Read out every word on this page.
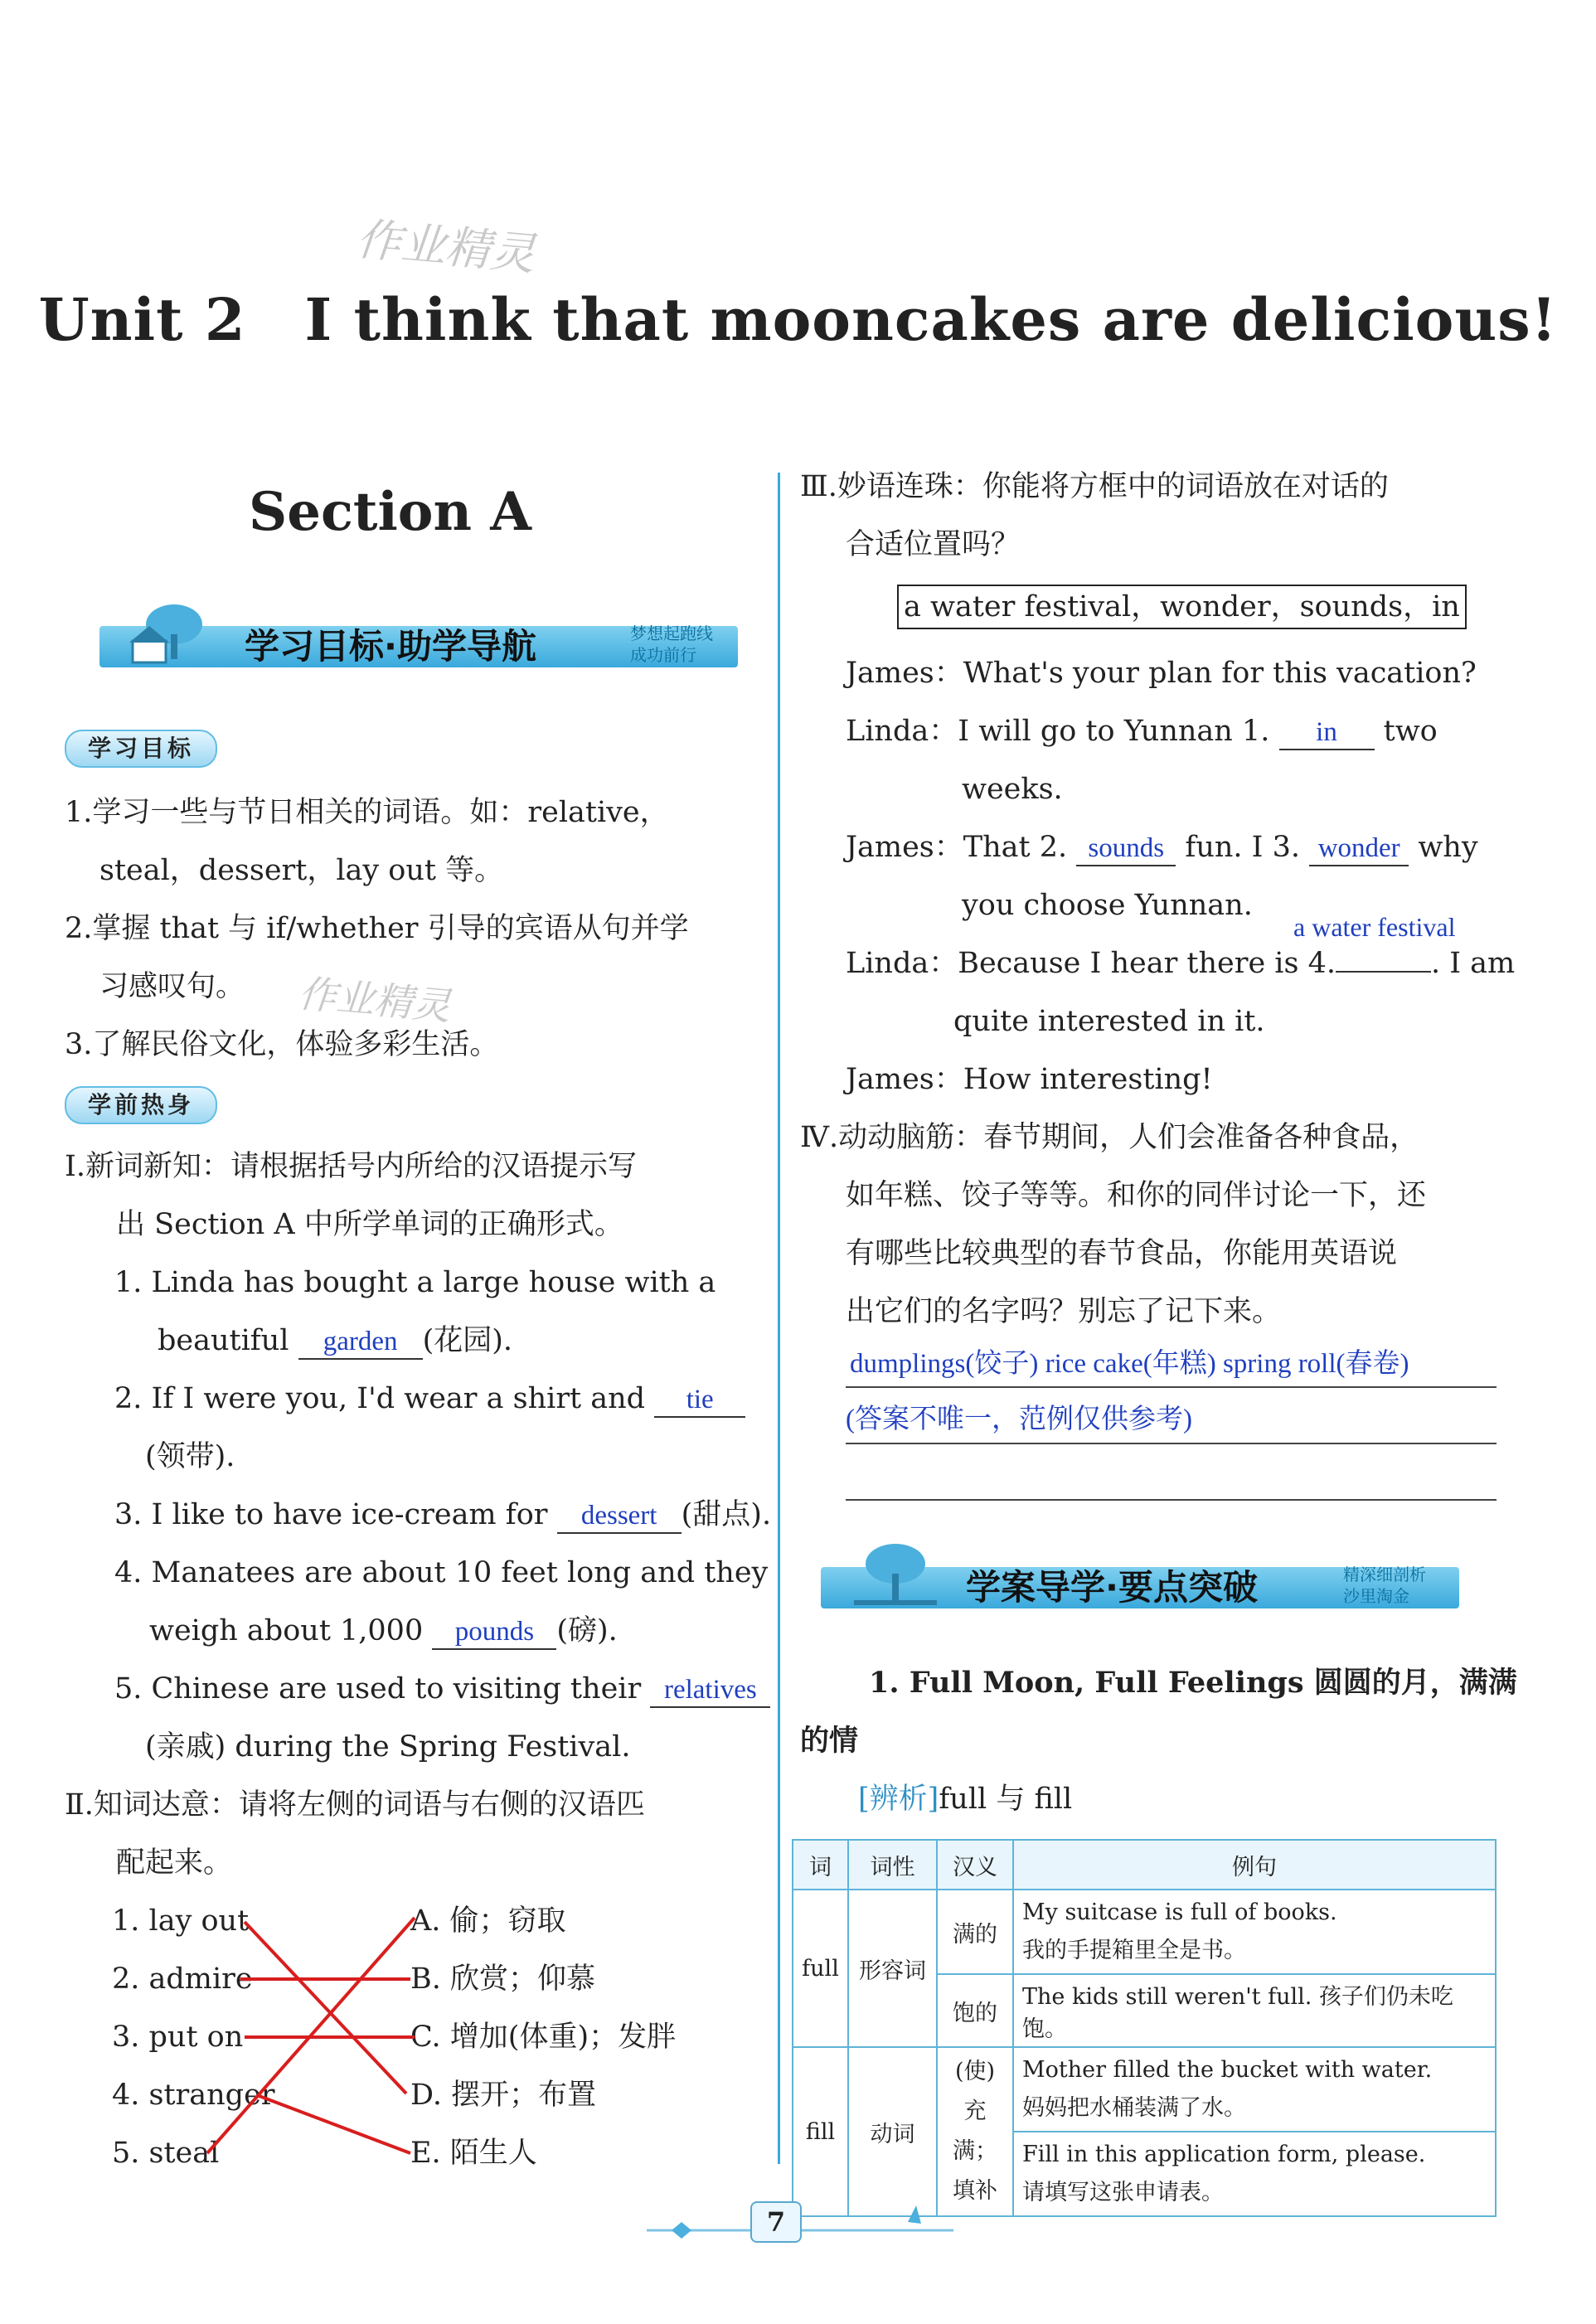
作业精灵
作业精灵
Unit 2　I think that mooncakes are delicious!
Section A
学习目标·助学导航	梦想起跑线
成功前行
学习目标
1.学习一些与节日相关的词语。如：relative，
steal，dessert，lay out 等。
2.掌握 that 与 if/whether 引导的宾语从句并学
习感叹句。
3.了解民俗文化，体验多彩生活。
学前热身
Ⅰ.新词新知：请根据括号内所给的汉语提示写
出 Section A 中所学单词的正确形式。
1. Linda has bought a large house with a
beautiful garden (花园).
2. If I were you, I'd wear a shirt and tie
(领带).
3. I like to have ice-cream for dessert (甜点).
4. Manatees are about 10 feet long and they
weigh about 1,000 pounds (磅).
5. Chinese are used to visiting their relatives
(亲戚) during the Spring Festival.
Ⅱ.知词达意：请将左侧的词语与右侧的汉语匹
配起来。
1. lay out
2. admire
3. put on
4. stranger
5. steal
A. 偷；窃取
B. 欣赏；仰慕
C. 增加(体重)；发胖
D. 摆开；布置
E. 陌生人
Ⅲ.妙语连珠：你能将方框中的词语放在对话的
合适位置吗？
a water festival，wonder，sounds，in
James：What's your plan for this vacation?
Linda：I will go to Yunnan 1. in two
weeks.
James：That 2. sounds fun. I 3. wonder why
you choose Yunnan.
a water festival
Linda：Because I hear there is 4.	. I am
quite interested in it.
James：How interesting!
Ⅳ.动动脑筋：春节期间，人们会准备各种食品，
如年糕、饺子等等。和你的同伴讨论一下，还
有哪些比较典型的春节食品，你能用英语说
出它们的名字吗？别忘了记下来。
dumplings(饺子) rice cake(年糕) spring roll(春卷)
(答案不唯一，范例仅供参考)
学案导学·要点突破	精深细剖析
沙里淘金
1. Full Moon, Full Feelings 圆圆的月，满满
的情
[辨析]full 与 fill
词	词性	汉义	例句
full	形容词	满的	My suitcase is full of books.
我的手提箱里全是书。

		饱的	The kids still weren't full. 孩子们仍未吃饱。
fill	动词	(使)充满；填补	Mother filled the bucket with water.
妈妈把水桶装满了水。

			Fill in this application form, please.
请填写这张申请表。
7
